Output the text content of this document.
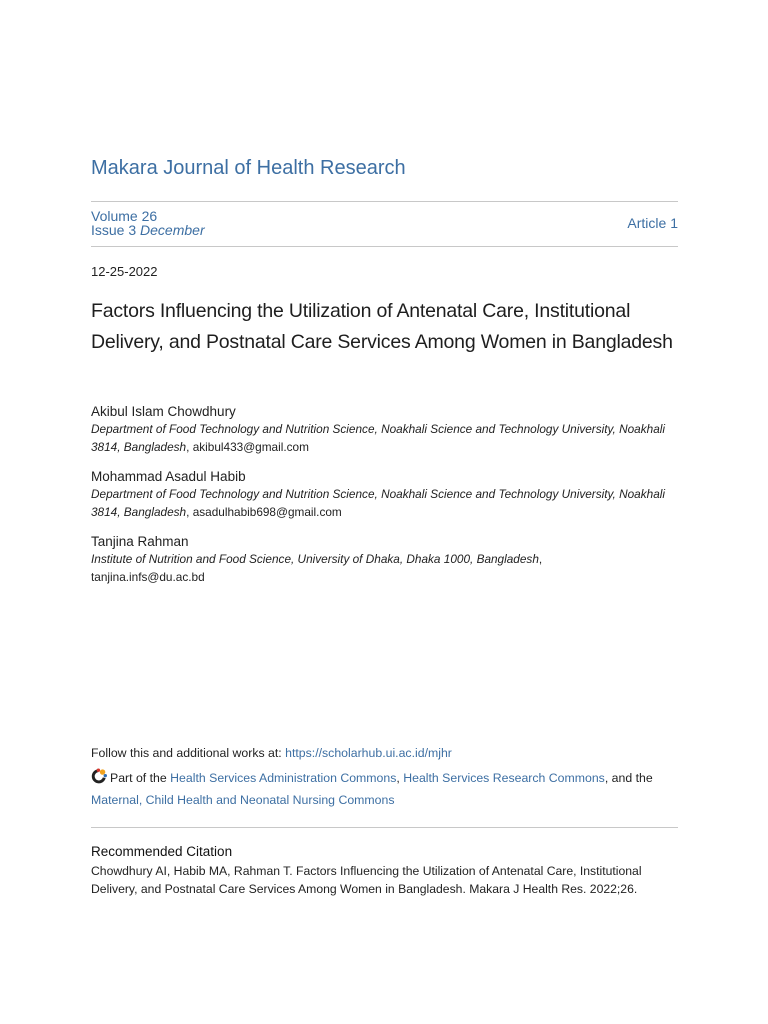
Makara Journal of Health Research
Volume 26
Issue 3 December	Article 1
12-25-2022
Factors Influencing the Utilization of Antenatal Care, Institutional Delivery, and Postnatal Care Services Among Women in Bangladesh
Akibul Islam Chowdhury
Department of Food Technology and Nutrition Science, Noakhali Science and Technology University, Noakhali 3814, Bangladesh, akibul433@gmail.com
Mohammad Asadul Habib
Department of Food Technology and Nutrition Science, Noakhali Science and Technology University, Noakhali 3814, Bangladesh, asadulhabib698@gmail.com
Tanjina Rahman
Institute of Nutrition and Food Science, University of Dhaka, Dhaka 1000, Bangladesh,
tanjina.infs@du.ac.bd
Follow this and additional works at: https://scholarhub.ui.ac.id/mjhr
Part of the Health Services Administration Commons, Health Services Research Commons, and the
Maternal, Child Health and Neonatal Nursing Commons
Recommended Citation
Chowdhury AI, Habib MA, Rahman T. Factors Influencing the Utilization of Antenatal Care, Institutional Delivery, and Postnatal Care Services Among Women in Bangladesh. Makara J Health Res. 2022;26.
